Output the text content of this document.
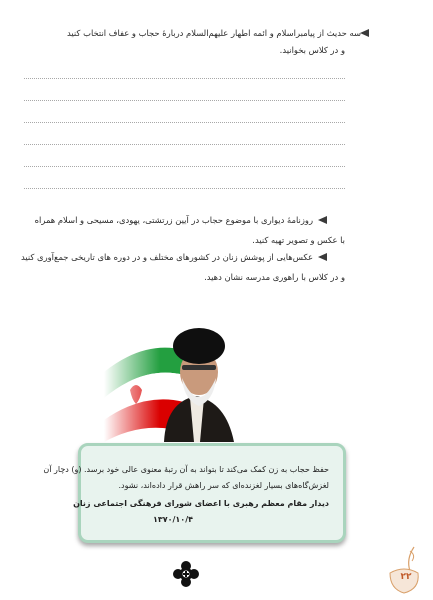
سه حدیث از پیامبراسلام و ائمه اطهار علیهم‌السلام دربارهٔ حجاب و عفاف انتخاب کنید
و در کلاس بخوانید.
روزنامهٔ دیواری با موضوع حجاب در آیین زرتشتی، یهودی، مسیحی و اسلام همراه
با عکس و تصویر تهیه کنید.
عکس‌هایی از پوشش زنان در کشورهای مختلف و در دوره های تاریخی جمع‌آوری کنید
و در کلاس با راهوری مدرسه نشان دهید.
حفظ حجاب به زن کمک می‌کند تا بتواند به آن رتبهٔ معنوی عالی خود برسد. (و) دچار آن
لغزش‌گاه‌های بسیار لغزنده‌ای که سر راهش قرار داده‌اند، نشود.
دیدار مقام معظم رهبری با اعضای شورای فرهنگی اجتماعی زنان
۱۳۷۰/۱۰/۴
۲۲
